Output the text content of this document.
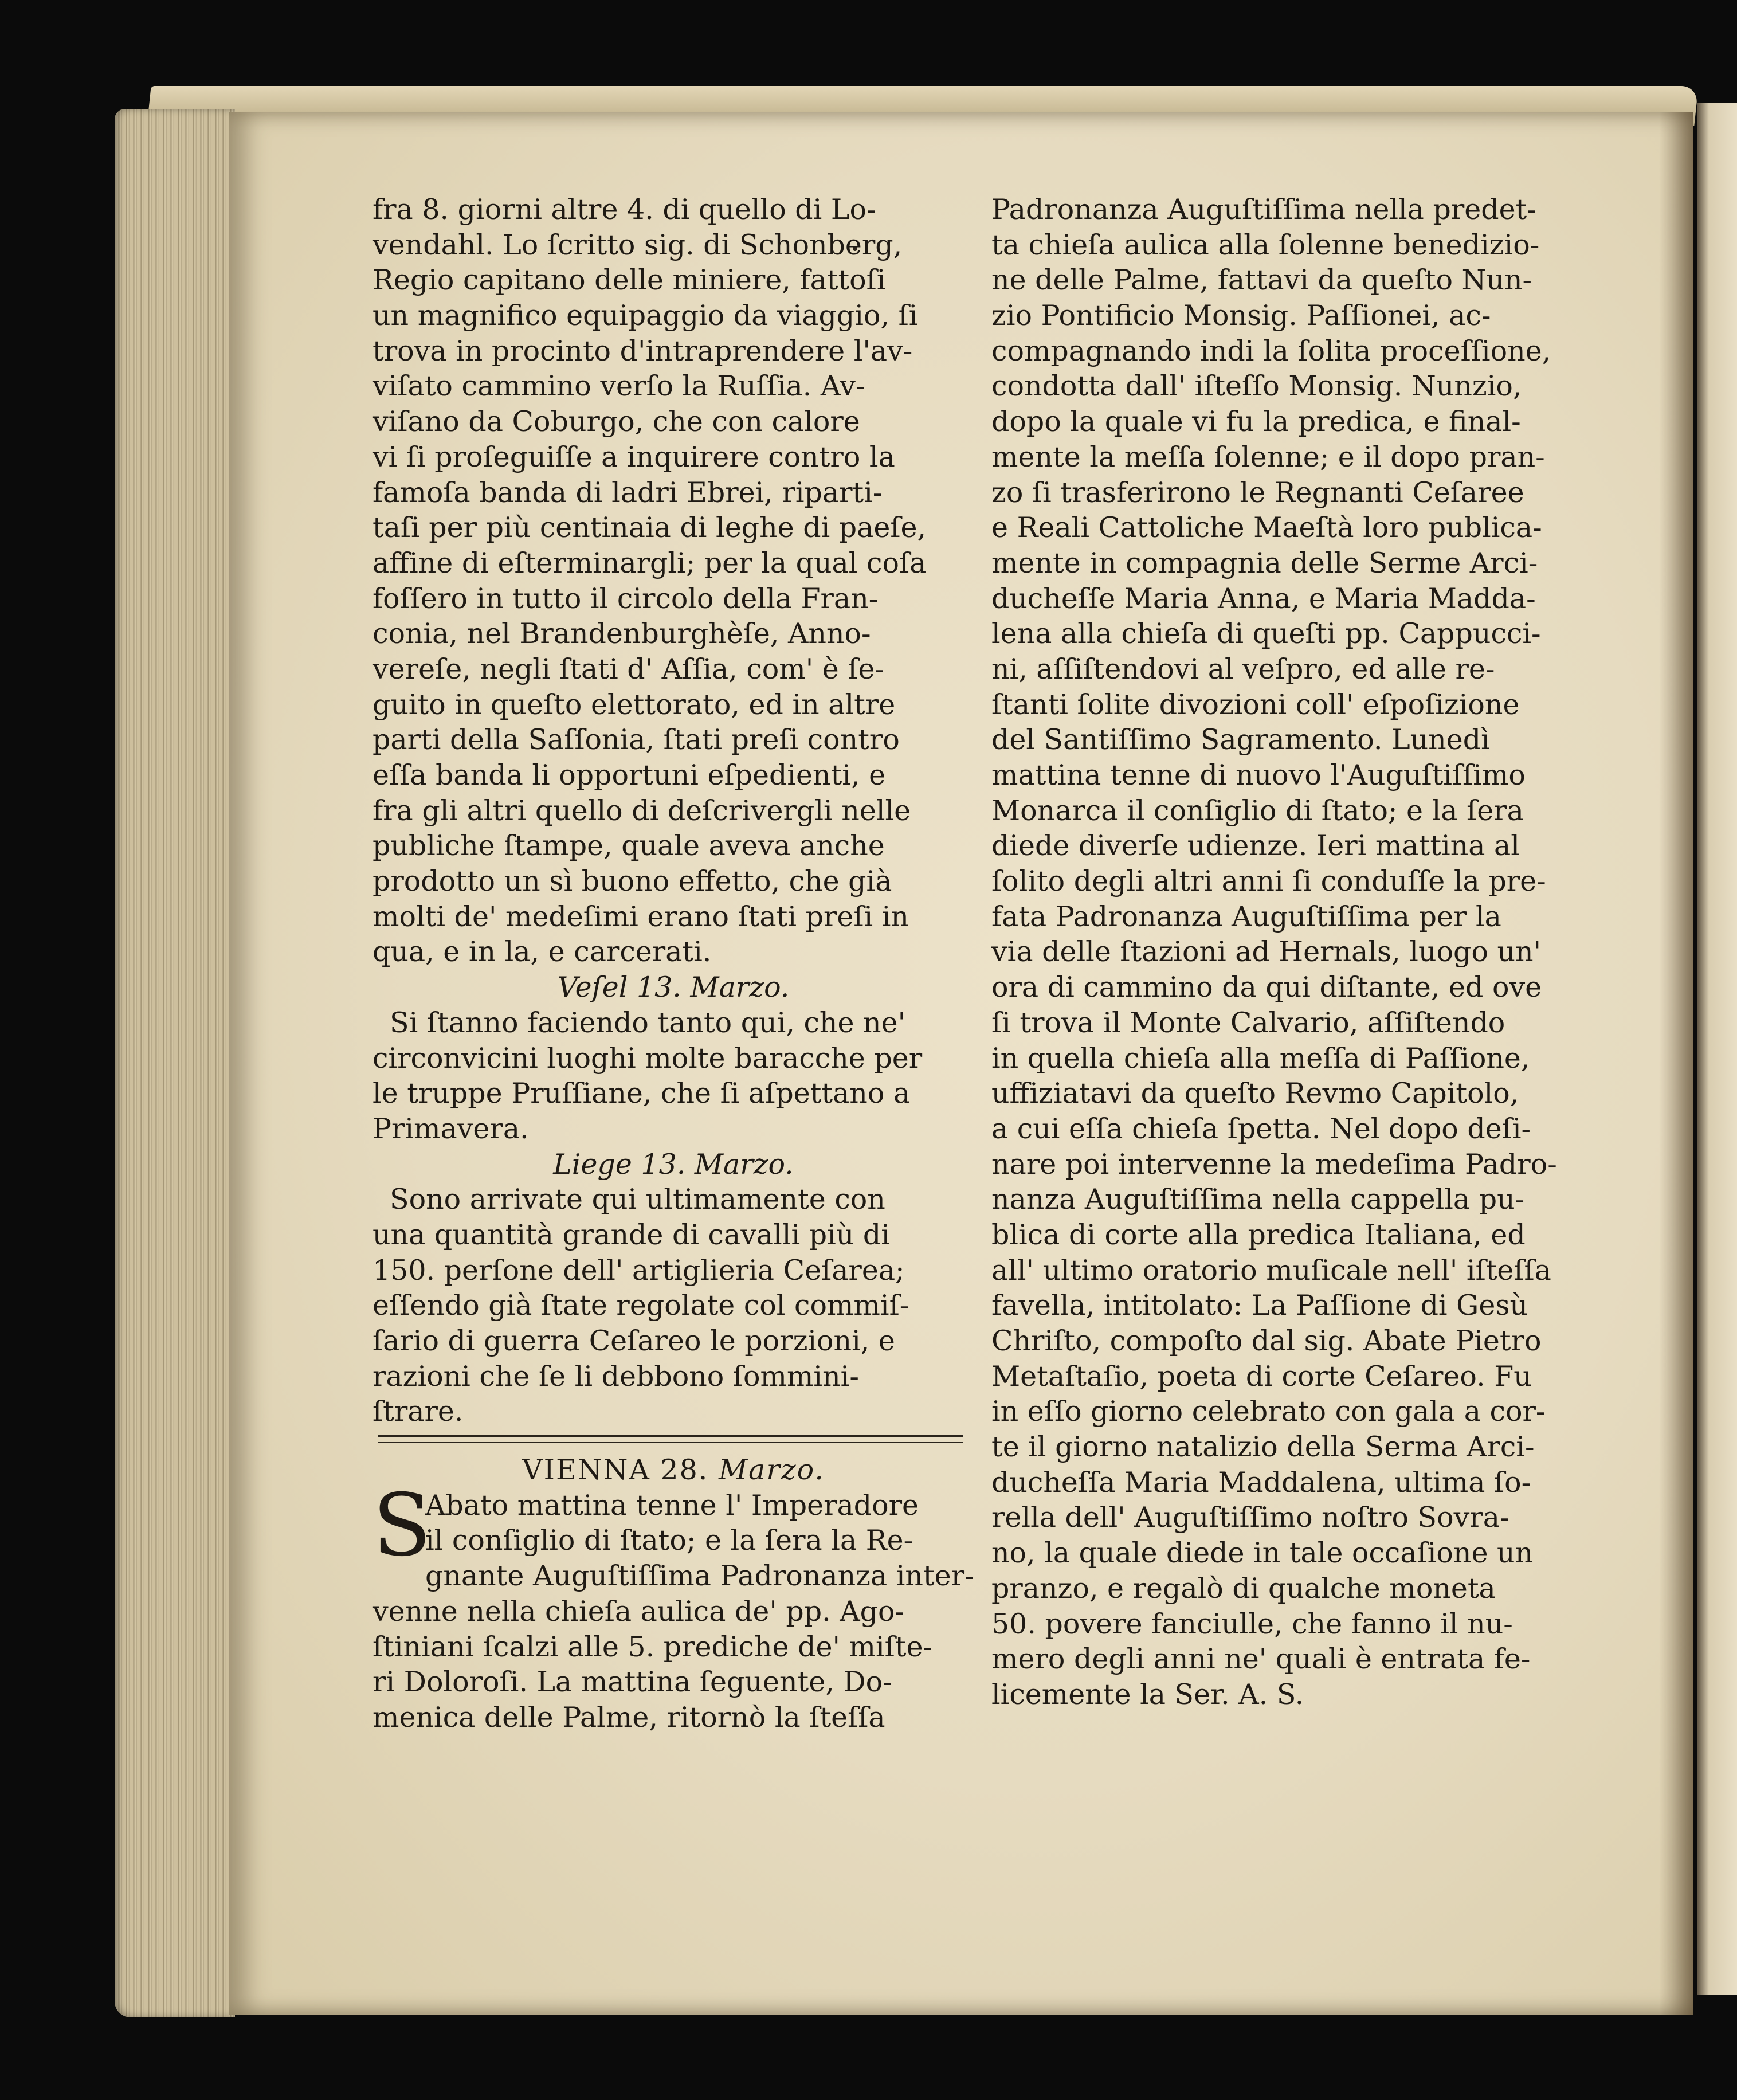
fra 8. giorni altre 4. di quello di Lo-
vendahl. Lo ſcritto sig. di Schonberg,
Regio capitano delle miniere, fattoſi
un magnifico equipaggio da viaggio, ſi
trova in procinto d'intraprendere l'av-
viſato cammino verſo la Ruſſia. Av-
viſano da Coburgo, che con calore
vi ſi proſeguiſſe a inquirere contro la
famoſa banda di ladri Ebrei, riparti-
taſi per più centinaia di leghe di paeſe,
affine di eſterminargli; per la qual coſa
foſſero in tutto il circolo della Fran-
conia, nel Brandenburghèſe, Anno-
vereſe, negli ſtati d' Aſſia, com' è ſe-
guito in queſto elettorato, ed in altre
parti della Saſſonia, ſtati preſi contro
eſſa banda li opportuni eſpedienti, e
fra gli altri quello di deſcrivergli nelle
publiche ſtampe, quale aveva anche
prodotto un sì buono effetto, che già
molti de' medeſimi erano ſtati preſi in
qua, e in la, e carcerati.
Veſel 13. Marzo.
Si ſtanno faciendo tanto qui, che ne'
circonvicini luoghi molte baracche per
le truppe Pruſſiane, che ſi aſpettano a
Primavera.
Liege 13. Marzo.
Sono arrivate qui ultimamente con
una quantità grande di cavalli più di
150. perſone dell' artiglieria Ceſarea;
eſſendo già ſtate regolate col commiſ-
ſario di guerra Ceſareo le porzioni, e
razioni che ſe li debbono ſommini-
ſtrare.
VIENNA 28. Marzo.
S
Abato mattina tenne l' Imperadore
il conſiglio di ſtato; e la ſera la Re-
gnante Auguſtiſſima Padronanza inter-
venne nella chieſa aulica de' pp. Ago-
ſtiniani ſcalzi alle 5. prediche de' miſte-
ri Doloroſi. La mattina ſeguente, Do-
menica delle Palme, ritornò la ſteſſa
Padronanza Auguſtiſſima nella predet-
ta chieſa aulica alla ſolenne benedizio-
ne delle Palme, fattavi da queſto Nun-
zio Pontificio Monsig. Paſſionei, ac-
compagnando indi la ſolita proceſſione,
condotta dall' iſteſſo Monsig. Nunzio,
dopo la quale vi fu la predica, e final-
mente la meſſa ſolenne; e il dopo pran-
zo ſi trasferirono le Regnanti Ceſaree
e Reali Cattoliche Maeſtà loro publica-
mente in compagnia delle Serme Arci-
ducheſſe Maria Anna, e Maria Madda-
lena alla chieſa di queſti pp. Cappucci-
ni, aſſiſtendovi al veſpro, ed alle re-
ſtanti ſolite divozioni coll' eſpoſizione
del Santiſſimo Sagramento. Lunedì
mattina tenne di nuovo l'Auguſtiſſimo
Monarca il conſiglio di ſtato; e la ſera
diede diverſe udienze. Ieri mattina al
ſolito degli altri anni ſi conduſſe la pre-
fata Padronanza Auguſtiſſima per la
via delle ſtazioni ad Hernals, luogo un'
ora di cammino da qui diſtante, ed ove
ſi trova il Monte Calvario, aſſiſtendo
in quella chieſa alla meſſa di Paſſione,
uffiziatavi da queſto Revmo Capitolo,
a cui eſſa chieſa ſpetta. Nel dopo deſi-
nare poi intervenne la medeſima Padro-
nanza Auguſtiſſima nella cappella pu-
blica di corte alla predica Italiana, ed
all' ultimo oratorio muſicale nell' iſteſſa
favella, intitolato: La Paſſione di Gesù
Chriſto, compoſto dal sig. Abate Pietro
Metaſtaſio, poeta di corte Ceſareo. Fu
in eſſo giorno celebrato con gala a cor-
te il giorno natalizio della Serma Arci-
ducheſſa Maria Maddalena, ultima ſo-
rella dell' Auguſtiſſimo noſtro Sovra-
no, la quale diede in tale occaſione un
pranzo, e regalò di qualche moneta
50. povere fanciulle, che fanno il nu-
mero degli anni ne' quali è entrata fe-
licemente la Ser. A. S.
